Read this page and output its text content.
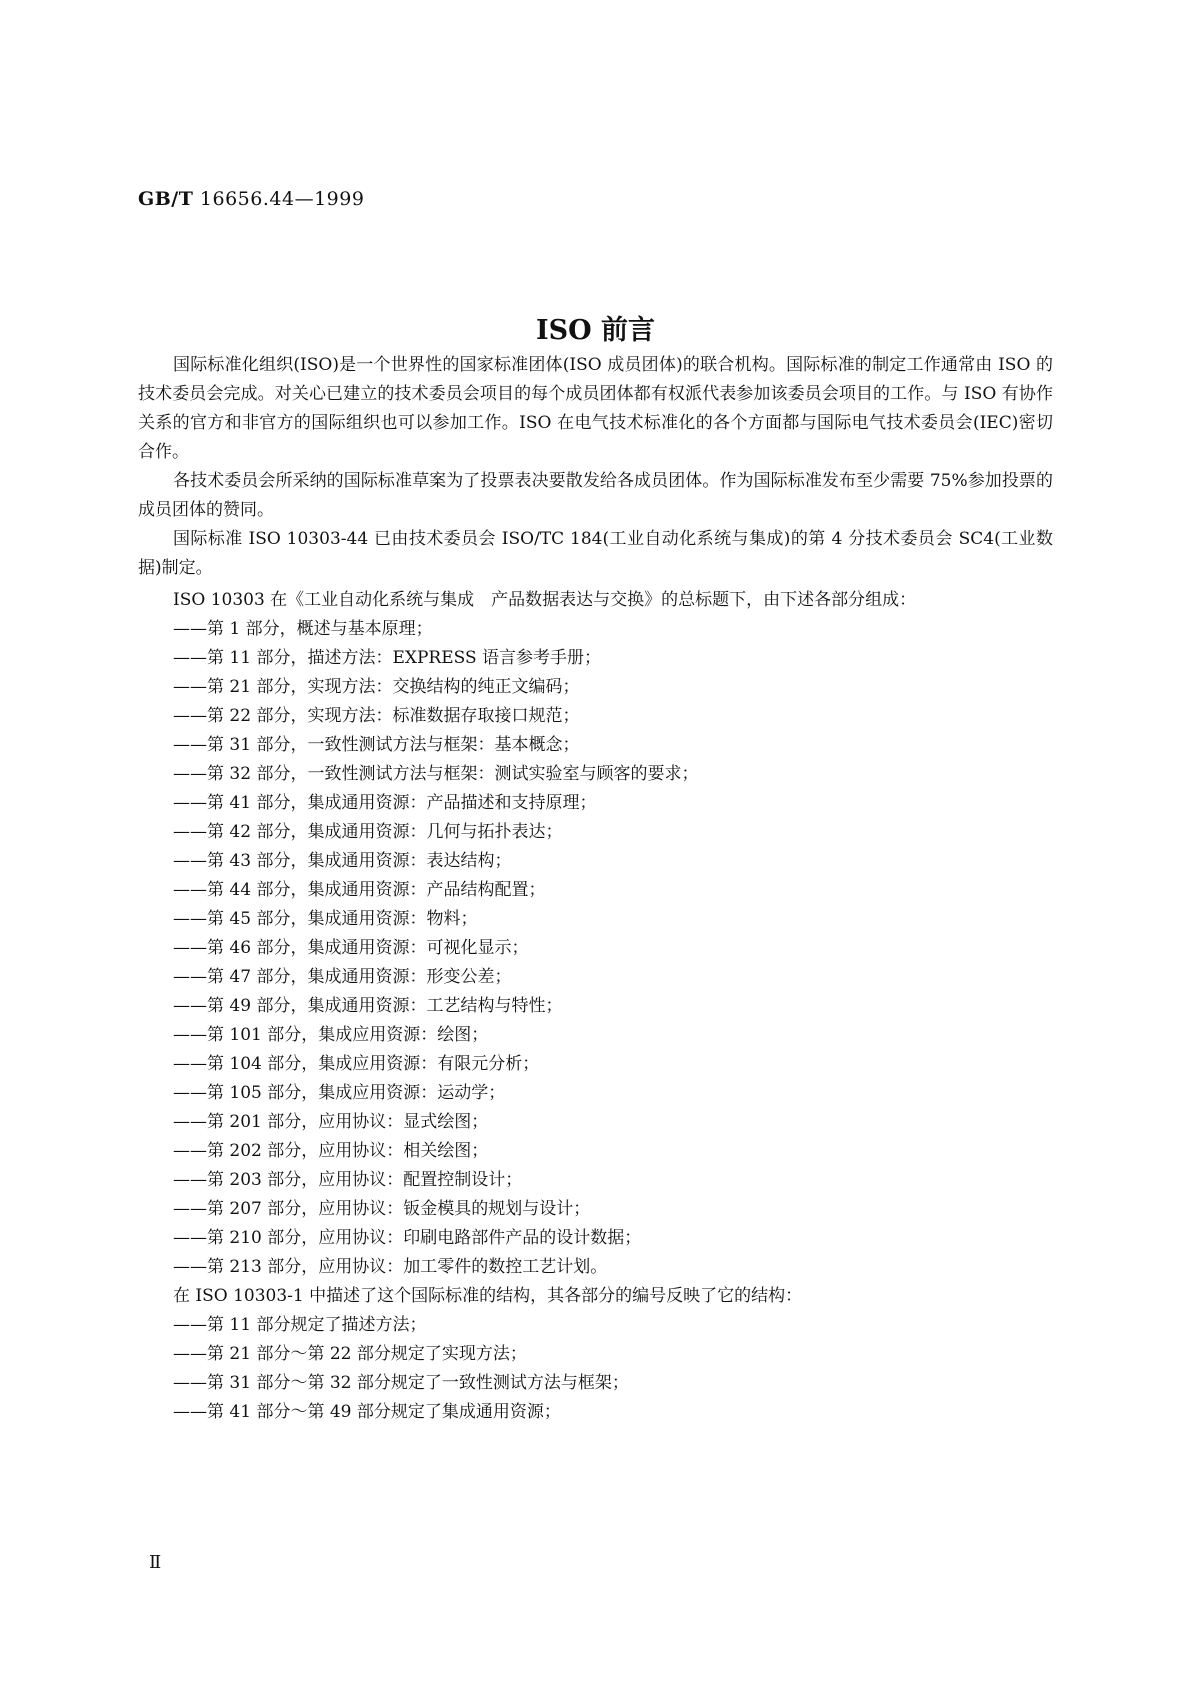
GB/T 16656.44—1999
ISO 前言
国际标准化组织(ISO)是一个世界性的国家标准团体(ISO 成员团体)的联合机构。国际标准的制定工作通常由 ISO 的技术委员会完成。对关心已建立的技术委员会项目的每个成员团体都有权派代表参加该委员会项目的工作。与 ISO 有协作关系的官方和非官方的国际组织也可以参加工作。ISO 在电气技术标准化的各个方面都与国际电气技术委员会(IEC)密切合作。
各技术委员会所采纳的国际标准草案为了投票表决要散发给各成员团体。作为国际标准发布至少需要 75%参加投票的成员团体的赞同。
国际标准 ISO 10303-44 已由技术委员会 ISO/TC 184(工业自动化系统与集成)的第 4 分技术委员会 SC4(工业数据)制定。
ISO 10303 在《工业自动化系统与集成　产品数据表达与交换》的总标题下，由下述各部分组成：
——第 1 部分，概述与基本原理；
——第 11 部分，描述方法：EXPRESS 语言参考手册；
——第 21 部分，实现方法：交换结构的纯正文编码；
——第 22 部分，实现方法：标准数据存取接口规范；
——第 31 部分，一致性测试方法与框架：基本概念；
——第 32 部分，一致性测试方法与框架：测试实验室与顾客的要求；
——第 41 部分，集成通用资源：产品描述和支持原理；
——第 42 部分，集成通用资源：几何与拓扑表达；
——第 43 部分，集成通用资源：表达结构；
——第 44 部分，集成通用资源：产品结构配置；
——第 45 部分，集成通用资源：物料；
——第 46 部分，集成通用资源：可视化显示；
——第 47 部分，集成通用资源：形变公差；
——第 49 部分，集成通用资源：工艺结构与特性；
——第 101 部分，集成应用资源：绘图；
——第 104 部分，集成应用资源：有限元分析；
——第 105 部分，集成应用资源：运动学；
——第 201 部分，应用协议：显式绘图；
——第 202 部分，应用协议：相关绘图；
——第 203 部分，应用协议：配置控制设计；
——第 207 部分，应用协议：钣金模具的规划与设计；
——第 210 部分，应用协议：印刷电路部件产品的设计数据；
——第 213 部分，应用协议：加工零件的数控工艺计划。
在 ISO 10303-1 中描述了这个国际标准的结构，其各部分的编号反映了它的结构：
——第 11 部分规定了描述方法；
——第 21 部分～第 22 部分规定了实现方法；
——第 31 部分～第 32 部分规定了一致性测试方法与框架；
——第 41 部分～第 49 部分规定了集成通用资源；
Ⅱ
